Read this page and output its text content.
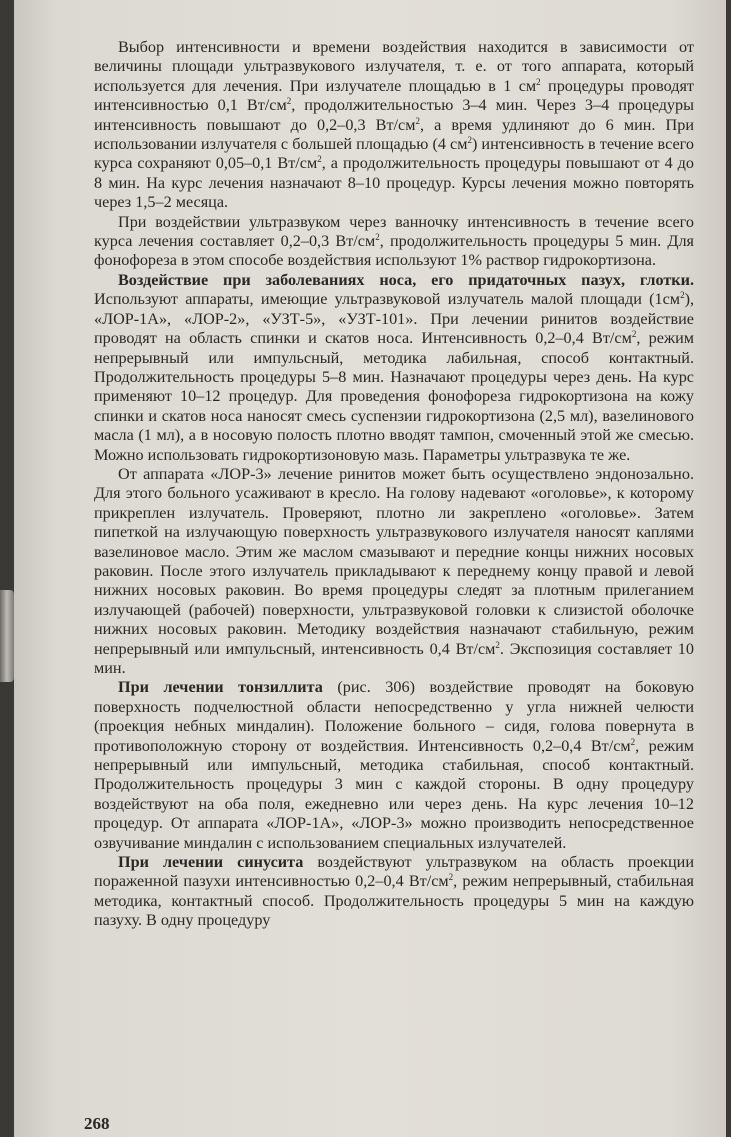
Выбор интенсивности и времени воздействия находится в зависимости от величины площади ультразвукового излучателя, т. е. от того аппарата, который используется для лечения. При излучателе площадью в 1 $см^2$ процедуры проводят интенсивностью 0,1 $Вт/см^2$, продолжительностью 3–4 мин. Через 3–4 процедуры интенсивность повышают до 0,2–0,3 $Вт/см^2$, а время удлиняют до 6 мин. При использовании излучателя с большей площадью (4 $см^2$) интенсивность в течение всего курса сохраняют 0,05–0,1 $Вт/см^2$, а продолжительность процедуры повышают от 4 до 8 мин. На курс лечения назначают 8–10 процедур. Курсы лечения можно повторять через 1,5–2 месяца.

При воздействии ультразвуком через ванночку интенсивность в течение всего курса лечения составляет 0,2–0,3 $Вт/см^2$, продолжительность процедуры 5 мин. Для фонофореза в этом способе воздействия используют 1% раствор гидрокортизона.

Воздействие при заболеваниях носа, его придаточных пазух, глотки. Используют аппараты, имеющие ультразвуковой излучатель малой площади $(1см^2)$, «ЛОР-1А», «ЛОР-2», «УЗТ-5», «УЗТ-101». При лечении ринитов воздействие проводят на область спинки и скатов носа. Интенсивность 0,2–0,4 $Вт/см^2$, режим непрерывный или импульсный, методика лабильная, способ контактный. Продолжительность процедуры 5–8 мин. Назначают процедуры через день. На курс применяют 10–12 процедур. Для проведения фонофореза гидрокортизона на кожу спинки и скатов носа наносят смесь суспензии гидрокортизона (2,5 мл), вазелинового масла (1 мл), а в носовую полость плотно вводят тампон, смоченный этой же смесью. Можно использовать гидрокортизоновую мазь. Параметры ультразвука те же.

От аппарата «ЛОР-3» лечение ринитов может быть осуществлено эндонозально. Для этого больного усаживают в кресло. На голову надевают «оголовье», к которому прикреплен излучатель. Проверяют, плотно ли закреплено «оголовье». Затем пипеткой на излучающую поверхность ультразвукового излучателя наносят каплями вазелиновое масло. Этим же маслом смазывают и передние концы нижних носовых раковин. После этого излучатель прикладывают к переднему концу правой и левой нижних носовых раковин. Во время процедуры следят за плотным прилеганием излучающей (рабочей) поверхности, ультразвуковой головки к слизистой оболочке нижних носовых раковин. Методику воздействия назначают стабильную, режим непрерывный или импульсный, интенсивность 0,4 $Вт/см^2$. Экспозиция составляет 10 мин.

При лечении тонзиллита (рис. 306) воздействие проводят на боковую поверхность подчелюстной области непосредственно у угла нижней челюсти (проекция небных миндалин). Положение больного – сидя, голова повернута в противоположную сторону от воздействия. Интенсивность 0,2–0,4 $Вт/см^2$, режим непрерывный или импульсный, методика стабильная, способ контактный. Продолжительность процедуры 3 мин с каждой стороны. В одну процедуру воздействуют на оба поля, ежедневно или через день. На курс лечения 10–12 процедур. От аппарата «ЛОР-1А», «ЛОР-3» можно производить непосредственное озвучивание миндалин с использованием специальных излучателей.

При лечении синусита воздействуют ультразвуком на область проекции пораженной пазухи интенсивностью 0,2–0,4 $Вт/см^2$, режим непрерывный, стабильная методика, контактный способ. Продолжительность процедуры 5 мин на каждую пазуху. В одну процедуру

268
